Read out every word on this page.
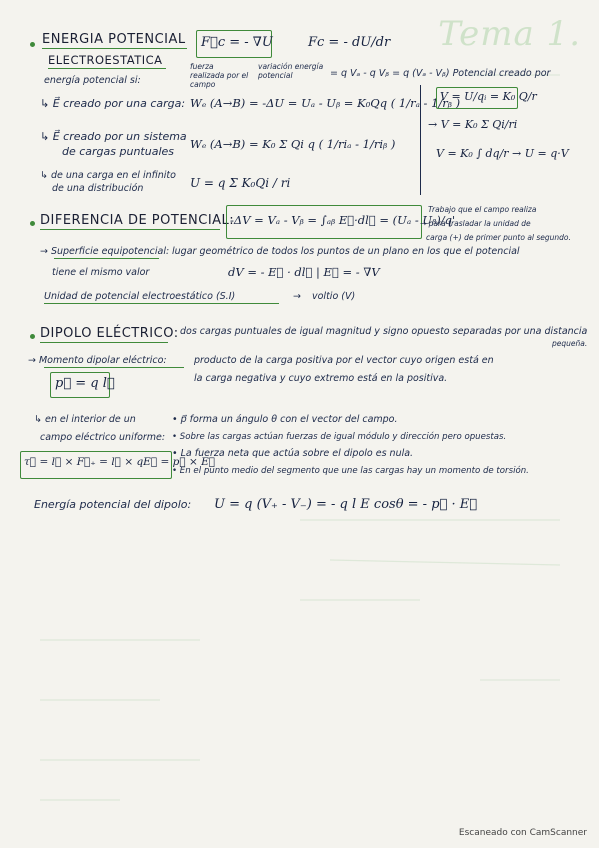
Tema 1.
ENERGIA POTENCIAL
ELECTROESTATICA
F⃗c = - ∇U	Fc = - dU/dr
fuerza realizada por el campo
variación energía potencial
energía potencial si:
= q Vₐ - q Vᵦ = q (Vₐ - Vᵦ) Potencial creado por
↳ E⃗ creado por una carga: Wₑ (A→B) = -ΔU = Uₐ - Uᵦ = K₀Qq ( 1/rₐ - 1/rᵦ )
↳ E⃗ creado por un sistema
de cargas puntuales
Wₑ (A→B) = K₀ Σ Qi q ( 1/riₐ - 1/riᵦ )
↳ de una carga en el infinito
de una distribución	U = q Σ K₀Qi / ri
V = U/qᵢ = K₀ Q/r
→ V = K₀ Σ Qi/ri
V = K₀ ∫ dq/r → U = q·V
DIFERENCIA DE POTENCIAL:
-ΔV = Vₐ - Vᵦ = ∫ₐᵦ E⃗·dl⃗ = (Uₐ - Uᵦ)/q'
Trabajo que el campo realiza
→ para trasladar la unidad de
carga (+) de primer punto al segundo.
→ Superficie equipotencial: lugar geométrico de todos los puntos de un plano en los que el potencial
tiene el mismo valor	dV = - E⃗ · dl⃗ | E⃗ = - ∇V
Unidad de potencial electroestático (S.I)	→ voltio (V)
DIPOLO ELÉCTRICO: dos cargas puntuales de igual magnitud y signo opuesto separadas por una distancia
pequeña.
→ Momento dipolar eléctrico:	producto de la carga positiva por el vector cuyo origen está en
la carga negativa y cuyo extremo está en la positiva.
p⃗ = q l⃗
↳ en el interior de un
campo eléctrico uniforme:
τ⃗ = l⃗ × F⃗₊ = l⃗ × qE⃗ = p⃗ × E⃗
• p⃗ forma un ángulo θ con el vector del campo.
• Sobre las cargas actúan fuerzas de igual módulo y dirección pero opuestas.
• La fuerza neta que actúa sobre el dipolo es nula.
• En el punto medio del segmento que une las cargas hay un momento de torsión.
Energía potencial del dipolo: U = q (V₊ - V₋) = - q l E cosθ = - p⃗ · E⃗
Escaneado con CamScanner
